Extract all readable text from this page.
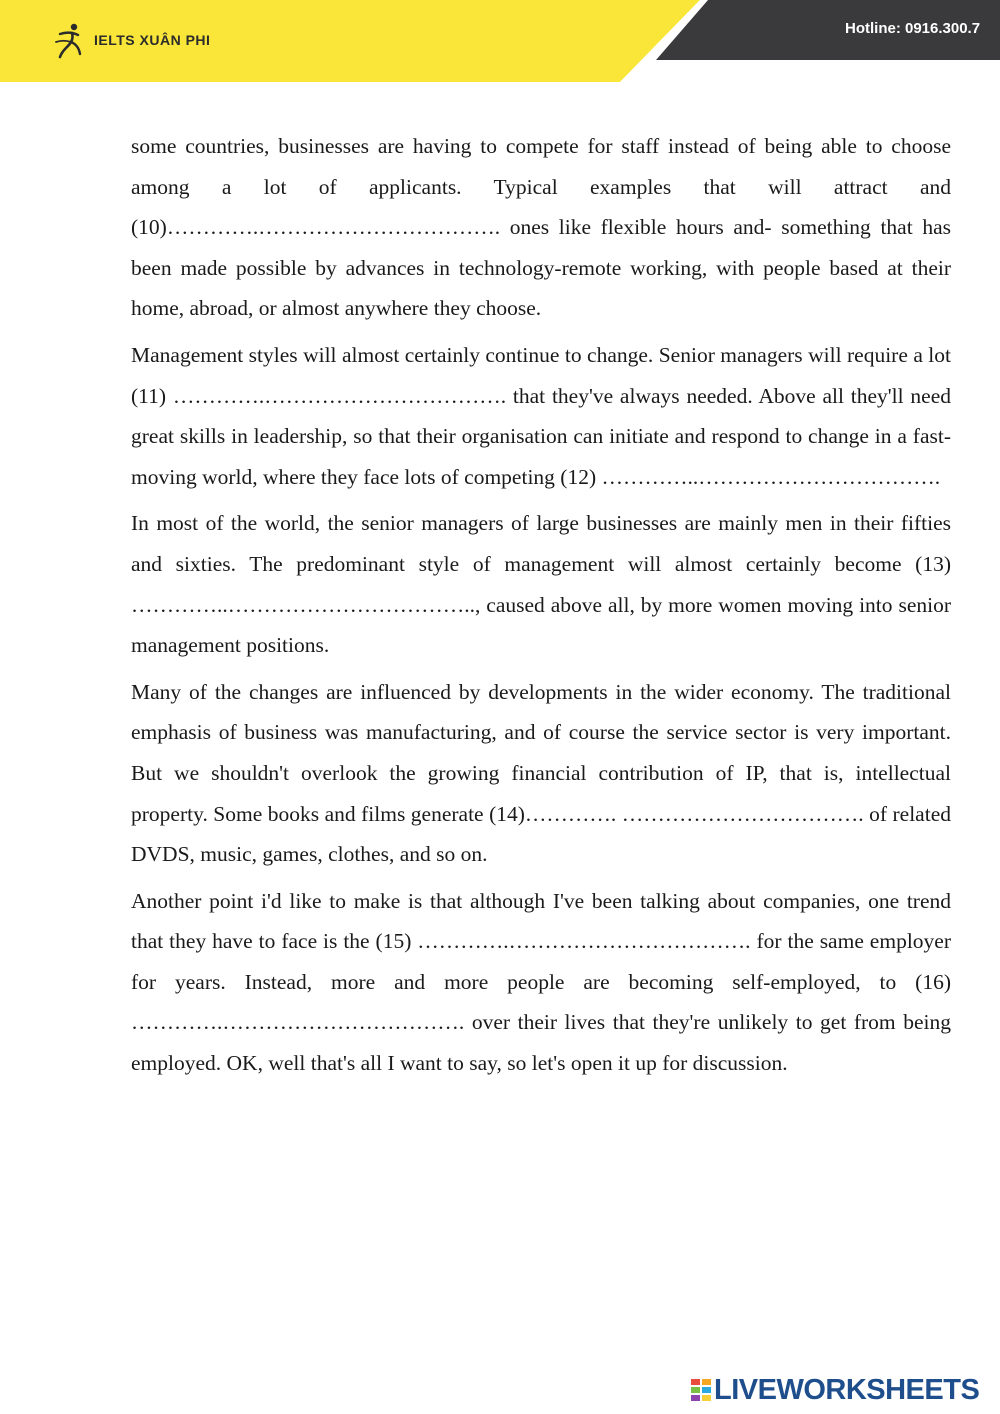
IELTS XUÂN PHI
Hotline: 0916.300.7

some countries, businesses are having to compete for staff instead of being able to choose among a lot of applicants. Typical examples that will attract and (10)………….……………………………. ones like flexible hours and- something that has been made possible by advances in technology-remote working, with people based at their home, abroad, or almost anywhere they choose.

Management styles will almost certainly continue to change. Senior managers will require a lot (11) ………….……………………………. that they've always needed. Above all they'll need great skills in leadership, so that their organisation can initiate and respond to change in a fast-moving world, where they face lots of competing (12) …………..…………………………….

In most of the world, the senior managers of large businesses are mainly men in their fifties and sixties. The predominant style of management will almost certainly become (13) …………..…………………………….., caused above all, by more women moving into senior management positions.

Many of the changes are influenced by developments in the wider economy. The traditional emphasis of business was manufacturing, and of course the service sector is very important. But we shouldn't overlook the growing financial contribution of IP, that is, intellectual property. Some books and films generate (14)…………. ……………………………. of related DVDS, music, games, clothes, and so on.

Another point i'd like to make is that although I've been talking about companies, one trend that they have to face is the (15) ………….……………………………. for the same employer for years. Instead, more and more people are becoming self-employed, to (16) ………….……………………………. over their lives that they're unlikely to get from being employed. OK, well that's all I want to say, so let's open it up for discussion.

LIVEWORKSHEETS
